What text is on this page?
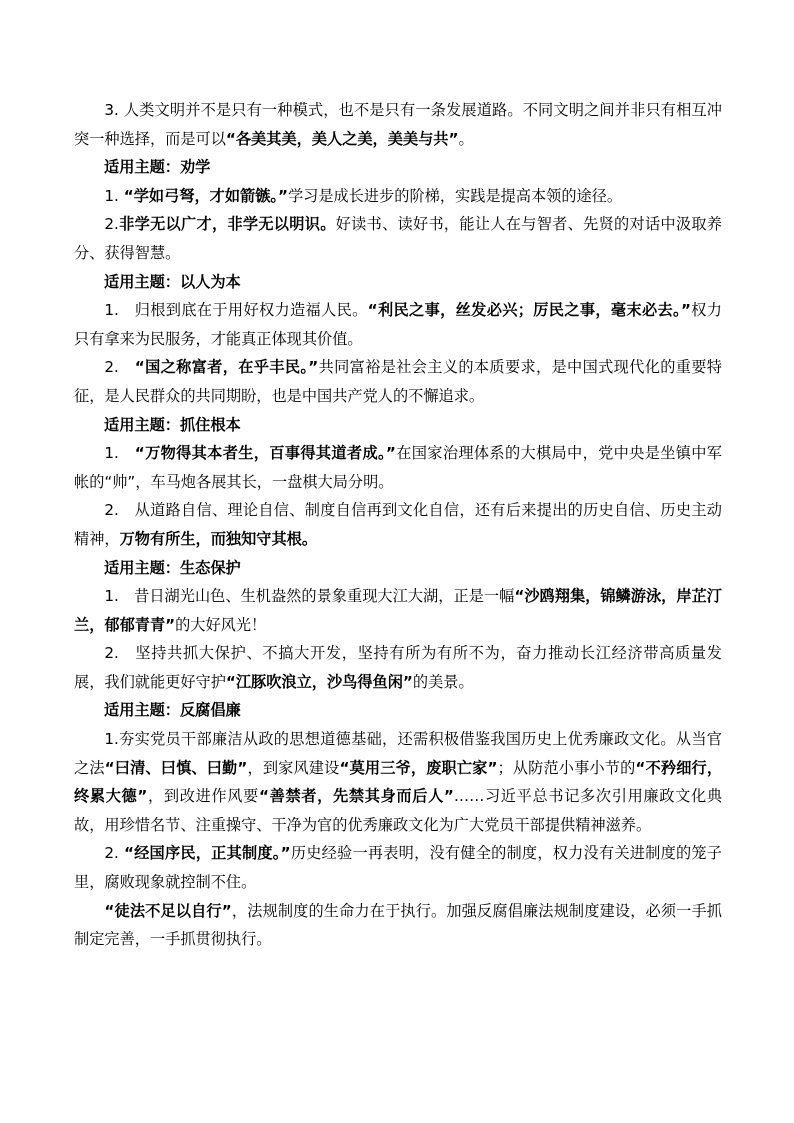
3. 人类文明并不是只有一种模式，也不是只有一条发展道路。不同文明之间并非只有相互冲突一种选择，而是可以“各美其美，美人之美，美美与共”。

适用主题：劝学

1. “学如弓弩，才如箭镞。”学习是成长进步的阶梯，实践是提高本领的途径。

2.非学无以广才，非学无以明识。好读书、读好书，能让人在与智者、先贤的对话中汲取养分、获得智慧。

适用主题：以人为本

1.　归根到底在于用好权力造福人民。“利民之事，丝发必兴；厉民之事，毫末必去。”权力只有拿来为民服务，才能真正体现其价值。

2.　“国之称富者，在乎丰民。”共同富裕是社会主义的本质要求，是中国式现代化的重要特征，是人民群众的共同期盼，也是中国共产党人的不懈追求。

适用主题：抓住根本

1.　“万物得其本者生，百事得其道者成。”在国家治理体系的大棋局中，党中央是坐镇中军帐的“帅”，车马炮各展其长，一盘棋大局分明。

2.　从道路自信、理论自信、制度自信再到文化自信，还有后来提出的历史自信、历史主动精神，万物有所生，而独知守其根。

适用主题：生态保护

1.　昔日湖光山色、生机盎然的景象重现大江大湖，正是一幅“沙鸥翔集，锦鳞游泳，岸芷汀兰，郁郁青青”的大好风光！

2.　坚持共抓大保护、不搞大开发，坚持有所为有所不为，奋力推动长江经济带高质量发展，我们就能更好守护“江豚吹浪立，沙鸟得鱼闲”的美景。

适用主题：反腐倡廉

1.夯实党员干部廉洁从政的思想道德基础，还需积极借鉴我国历史上优秀廉政文化。从当官之法“曰清、曰慎、曰勤”，到家风建设“莫用三爷，废职亡家”；从防范小事小节的“不矜细行，终累大德”，到改进作风要“善禁者，先禁其身而后人”……习近平总书记多次引用廉政文化典故，用珍惜名节、注重操守、干净为官的优秀廉政文化为广大党员干部提供精神滋养。

2. “经国序民，正其制度。”历史经验一再表明，没有健全的制度，权力没有关进制度的笼子里，腐败现象就控制不住。

“徒法不足以自行”，法规制度的生命力在于执行。加强反腐倡廉法规制度建设，必须一手抓制定完善，一手抓贯彻执行。
